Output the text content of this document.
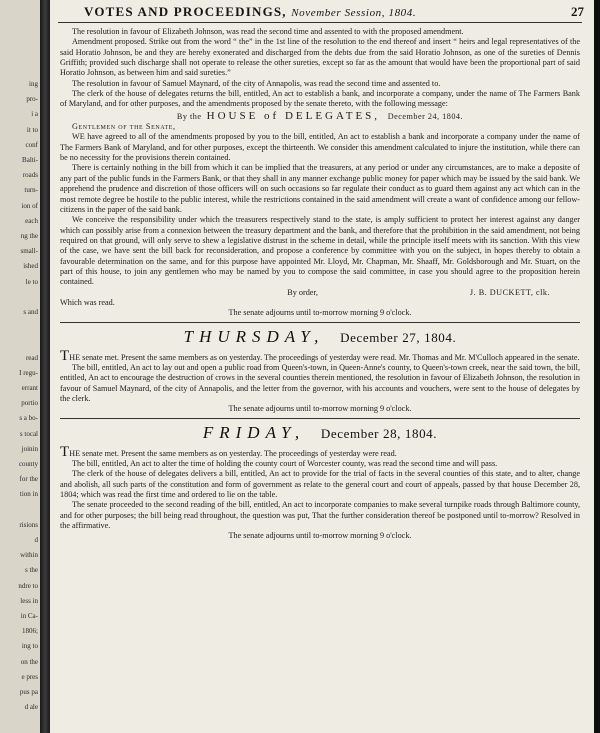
ing
pro-
i a
it to
conf
Balti-
roads
turn-
ion of
each
ng the
small-
ished
le to
s and
read
I regu-
errant
portio
s a bo-
s tocal
joinin
county
for the
tion in
risions
d
within
s the
ndre to
less in
in Ca-
1806;
ing to
on the
e pres
pus pa
d ale
VOTES AND PROCEEDINGS, November Session, 1804.	27

The resolution in favour of Elizabeth Johnson, was read the second time and assented to with the proposed amendment.

Amendment proposed. Strike out from the word “ the” in the 1st line of the resolution to the end thereof and insert “ heirs and legal representatives of the said Horatio Johnson, be and they are hereby exonerated and discharged from the debts due from the said Horatio Johnson, as one of the sureties of Dennis Griffith; provided such discharge shall not operate to release the other sureties, except so far as the amount that would have been the proportional part of said Horatio Johnson, as between him and said sureties.”

The resolution in favour of Samuel Maynard, of the city of Annapolis, was read the second time and assented to.

The clerk of the house of delegates returns the bill, entitled, An act to establish a bank, and incorporate a company, under the name of The Farmers Bank of Maryland, and for other purposes, and the amendments proposed by the senate thereto, with the following message:

By the HOUSE of DELEGATES, December 24, 1804.

Gentlemen of the Senate,

WE have agreed to all of the amendments proposed by you to the bill, entitled, An act to establish a bank and incorporate a company under the name of The Farmers Bank of Maryland, and for other purposes, except the thirteenth. We consider this amendment calculated to injure the institution, while there can be no necessity for the provisions therein contained.

There is certainly nothing in the bill from which it can be implied that the treasurers, at any period or under any circumstances, are to make a deposite of any part of the public funds in the Farmers Bank, or that they shall in any manner exchange public money for paper which may be issued by the said bank. We apprehend the prudence and discretion of those officers will on such occasions so far regulate their conduct as to guard them against any act which can in the most remote degree be hostile to the public interest, while the restrictions contained in the said amendment will create a want of confidence among our fellow-citizens in the paper of the said bank.

We conceive the responsibility under which the treasurers respectively stand to the state, is amply sufficient to protect her interest against any danger which can possibly arise from a connexion between the treasury department and the bank, and therefore that the prohibition in the said amendment, not being required on that ground, will only serve to shew a legislative distrust in the scheme in detail, while the principle itself meets with its sanction. With this view of the case, we have sent the bill back for reconsideration, and propose a conference by committee with you on the subject, in hopes thereby to obtain a favourable determination on the same, and for this purpose have appointed Mr. Lloyd, Mr. Chapman, Mr. Shaaff, Mr. Goldsborough and Mr. Stuart, on the part of this house, to join any gentlemen who may be named by you to compose the said committee, in case you should agree to the proposition herein contained.

By order,	J. B. DUCKETT, clk.

Which was read.

The senate adjourns until to-morrow morning 9 o'clock.

THURSDAY, December 27, 1804.

THE senate met. Present the same members as on yesterday. The proceedings of yesterday were read. Mr. Thomas and Mr. M'Culloch appeared in the senate.

The bill, entitled, An act to lay out and open a public road from Queen's-town, in Queen-Anne's county, to Queen's-town creek, near the said town, the bill, entitled, An act to encourage the destruction of crows in the several counties therein mentioned, the resolution in favour of Elizabeth Johnson, the resolution in favour of Samuel Maynard, of the city of Annapolis, and the letter from the governor, with his accounts and vouchers, were sent to the house of delegates by the clerk.

The senate adjourns until to-morrow morning 9 o'clock.

FRIDAY, December 28, 1804.

THE senate met. Present the same members as on yesterday. The proceedings of yesterday were read.

The bill, entitled, An act to alter the time of holding the county court of Worcester county, was read the second time and will pass.

The clerk of the house of delegates delivers a bill, entitled, An act to provide for the trial of facts in the several counties of this state, and to alter, change and abolish, all such parts of the constitution and form of government as relate to the general court and court of appeals, passed by that house December 28, 1804; which was read the first time and ordered to lie on the table.

The senate proceeded to the second reading of the bill, entitled, An act to incorporate companies to make several turnpike roads through Baltimore county, and for other purposes; the bill being read throughout, the question was put, That the further consideration thereof be postponed until to-morrow? Resolved in the affirmative.

The senate adjourns until to-morrow morning 9 o'clock.
